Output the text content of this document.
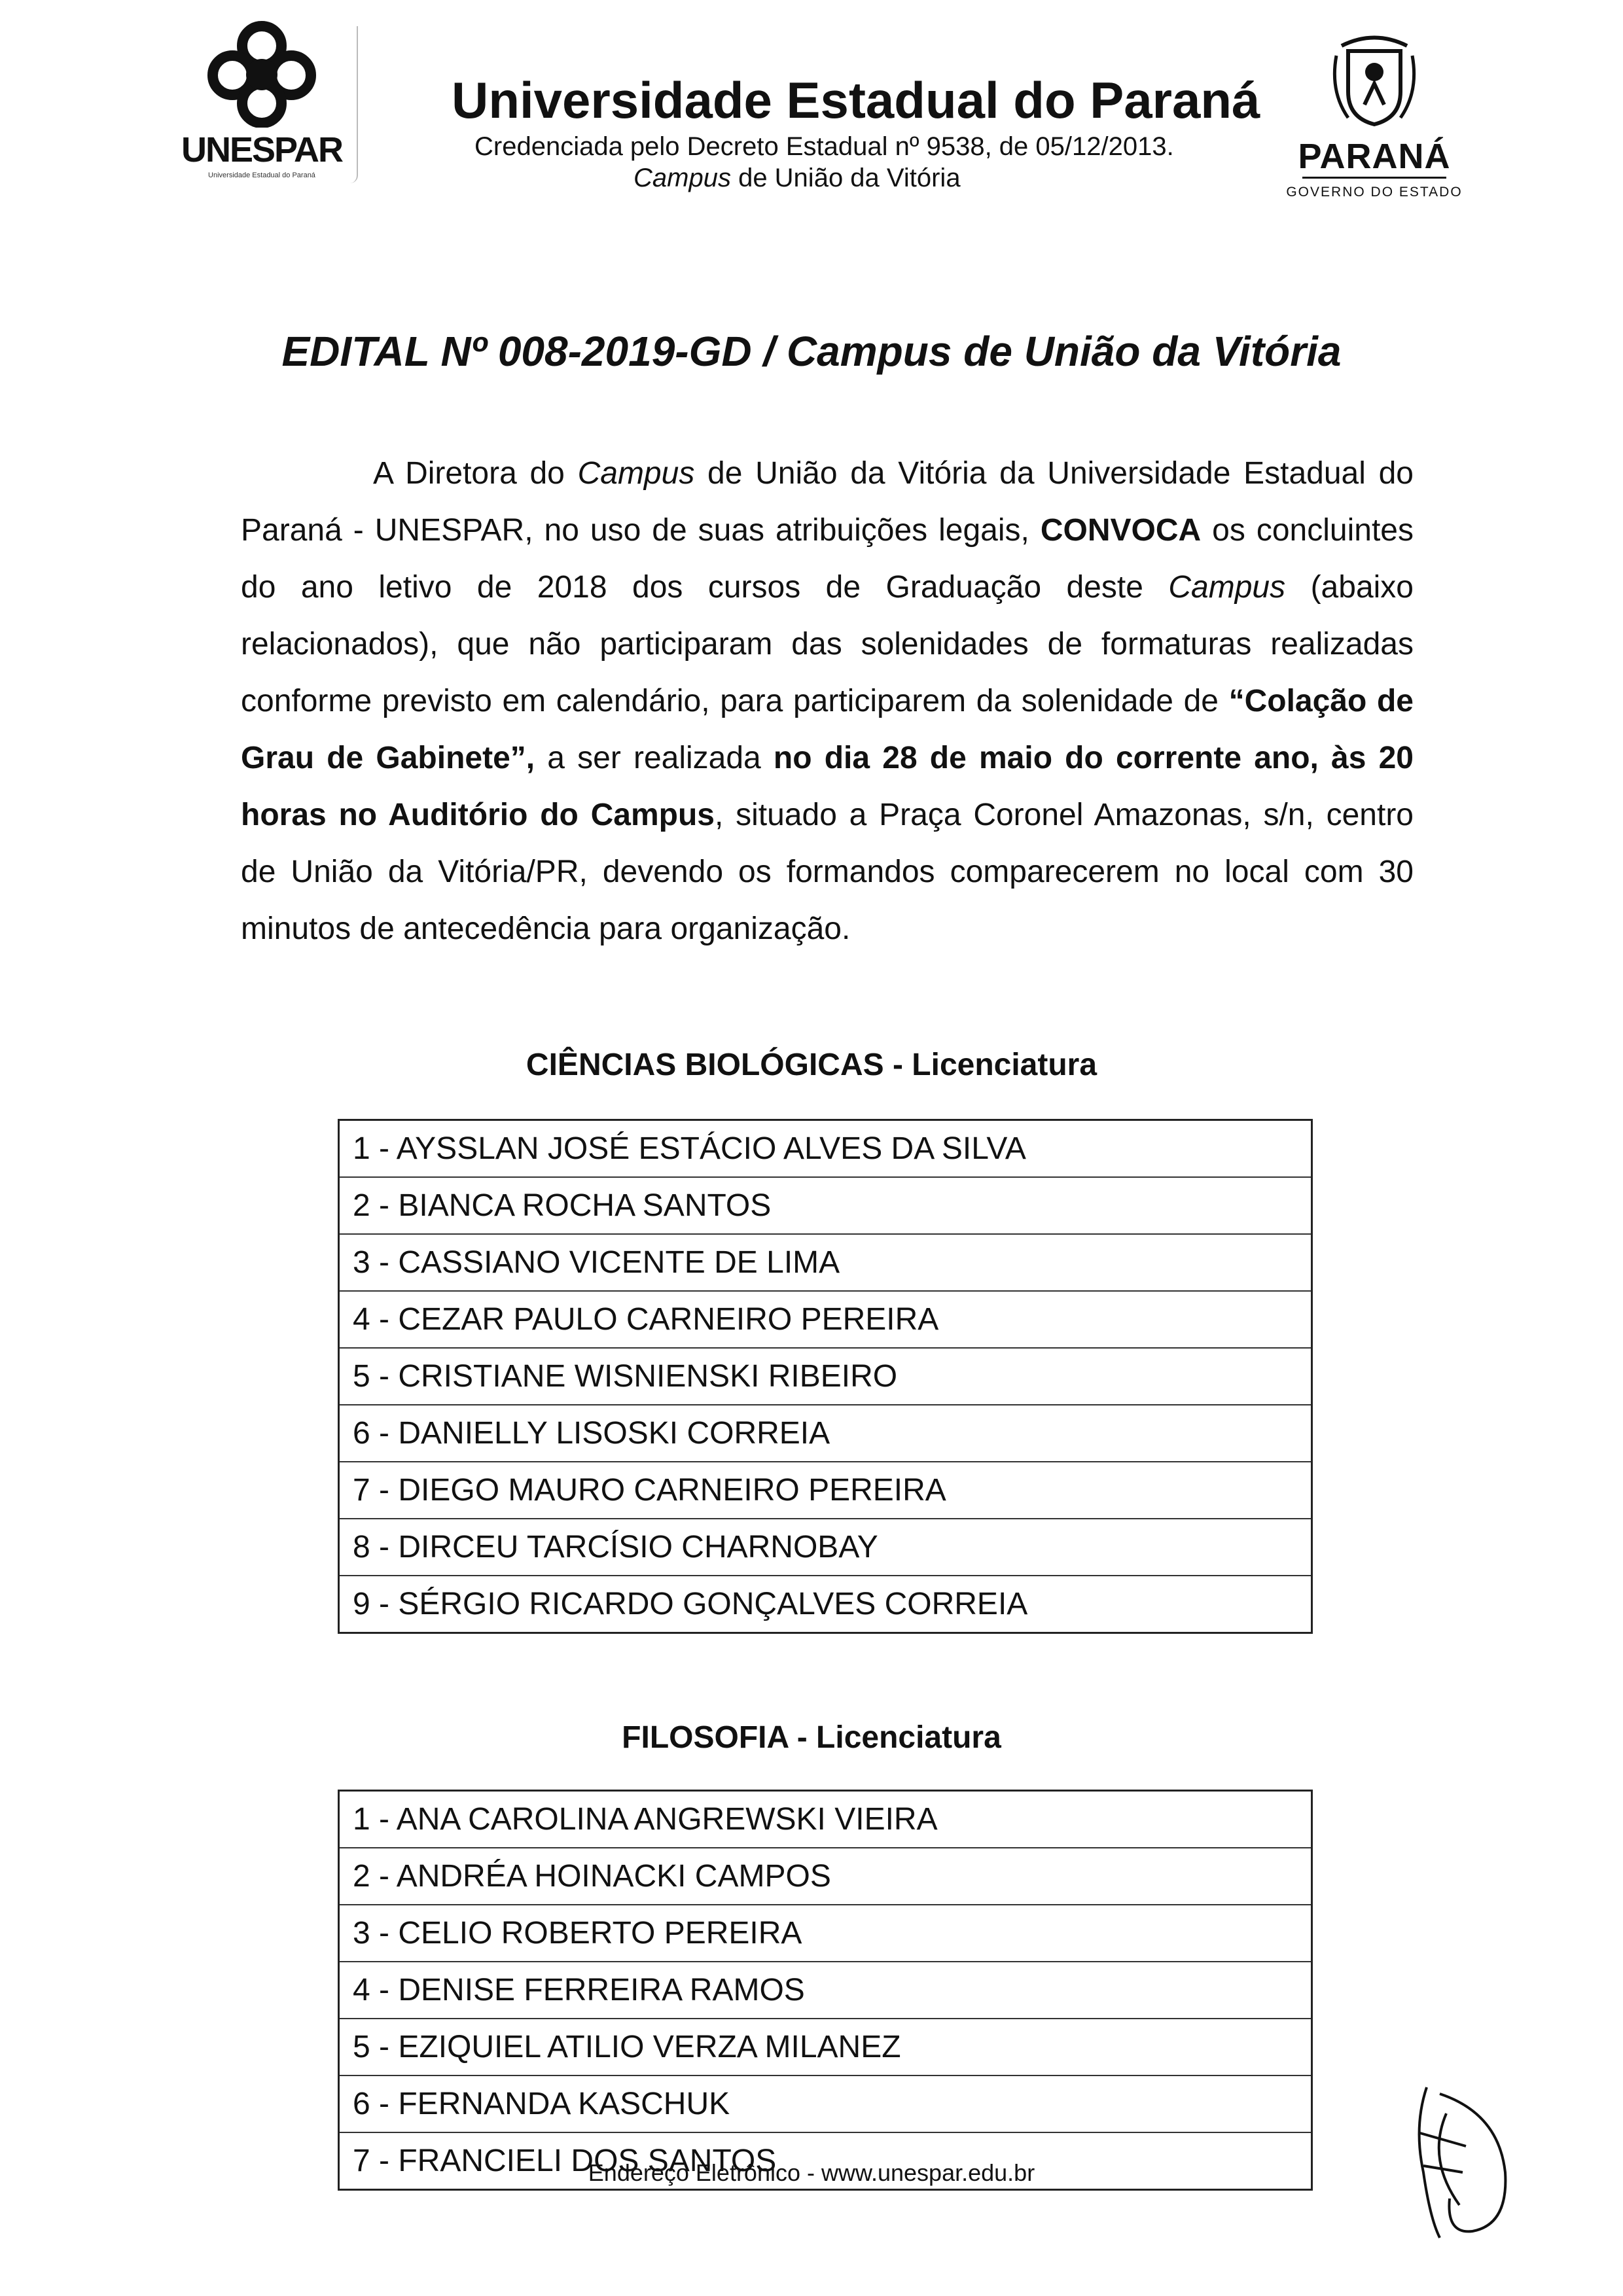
UNESPAR
Universidade Estadual do Paraná
Universidade Estadual do Paraná
Credenciada pelo Decreto Estadual nº 9538, de 05/12/2013.
Campus de União da Vitória
PARANÁ
GOVERNO DO ESTADO
EDITAL Nº 008-2019-GD / Campus de União da Vitória
A Diretora do Campus de União da Vitória da Universidade Estadual do Paraná - UNESPAR, no uso de suas atribuições legais, CONVOCA os concluintes do ano letivo de 2018 dos cursos de Graduação deste Campus (abaixo relacionados), que não participaram das solenidades de formaturas realizadas conforme previsto em calendário, para participarem da solenidade de “Colação de Grau de Gabinete”, a ser realizada no dia 28 de maio do corrente ano, às 20 horas no Auditório do Campus, situado a Praça Coronel Amazonas, s/n, centro de União da Vitória/PR, devendo os formandos comparecerem no local com 30 minutos de antecedência para organização.
CIÊNCIAS BIOLÓGICAS - Licenciatura
1 - AYSSLAN JOSÉ ESTÁCIO ALVES DA SILVA
2 - BIANCA ROCHA SANTOS
3 - CASSIANO VICENTE DE LIMA
4 - CEZAR PAULO CARNEIRO PEREIRA
5 - CRISTIANE WISNIENSKI RIBEIRO
6 - DANIELLY LISOSKI CORREIA
7 - DIEGO MAURO CARNEIRO PEREIRA
8 - DIRCEU TARCÍSIO CHARNOBAY
9 - SÉRGIO RICARDO GONÇALVES CORREIA
FILOSOFIA - Licenciatura
1 - ANA CAROLINA ANGREWSKI VIEIRA
2 - ANDRÉA HOINACKI CAMPOS
3 - CELIO ROBERTO PEREIRA
4 - DENISE FERREIRA RAMOS
5 - EZIQUIEL ATILIO VERZA MILANEZ
6 - FERNANDA KASCHUK
7 - FRANCIELI DOS SANTOS
Endereço Eletrônico - www.unespar.edu.br
